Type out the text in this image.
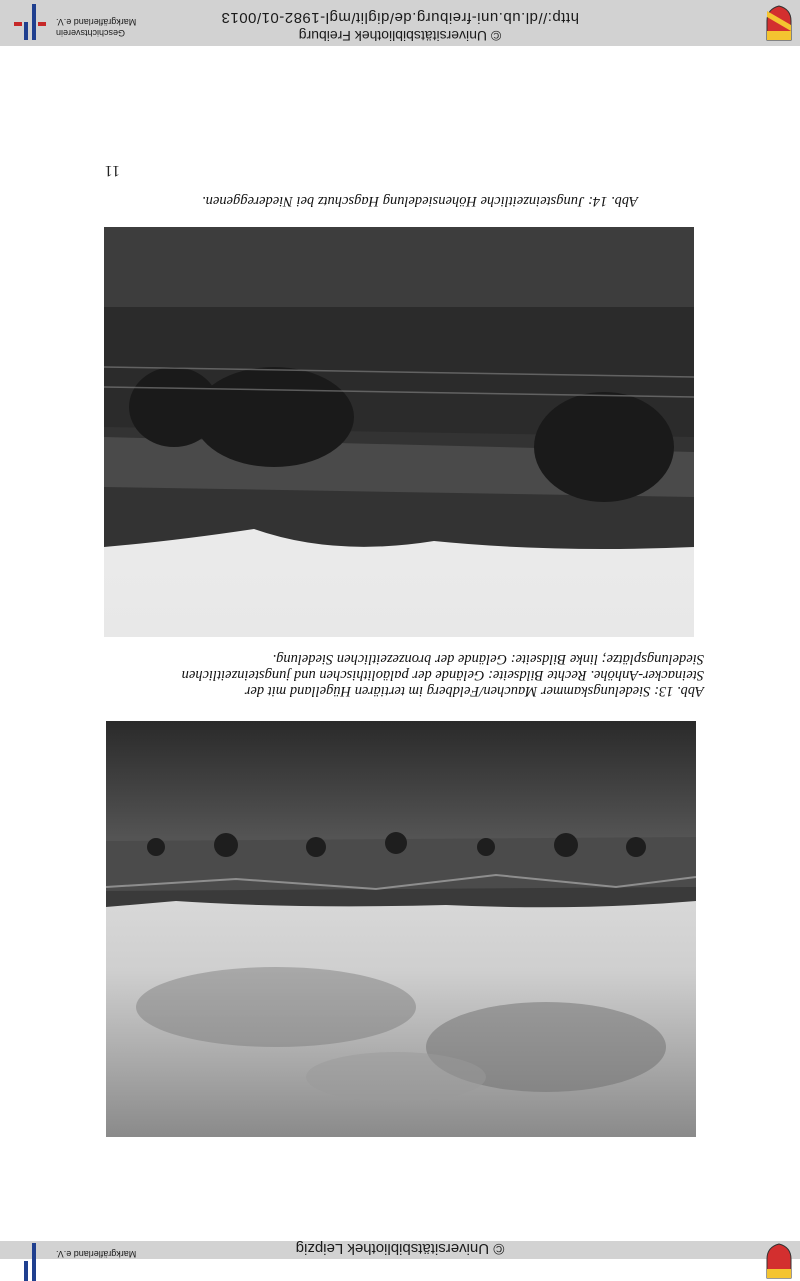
© Universitätsbibliothek Leipzig
Markgräflerland e.V.
Abb. 13: Siedelungskammer Mauchen/Feldberg im tertiären Hügelland mit der
Steinacker-Anhöhe. Rechte Bildseite: Gelände der paläolithischen und jungsteinzeitlichen
Siedelungsplätze; linke Bildseite: Gelände der bronzezeitlichen Siedelung.
Abb. 14: Jungsteinzeitliche Höhensiedelung Hagschutz bei Niedereggenen.
11
© Universitätsbibliothek Freiburg
http://dl.ub.uni-freiburg.de/diglit/mgl-1982-01/0013
Geschichtsverein
Markgräflerland e.V.
